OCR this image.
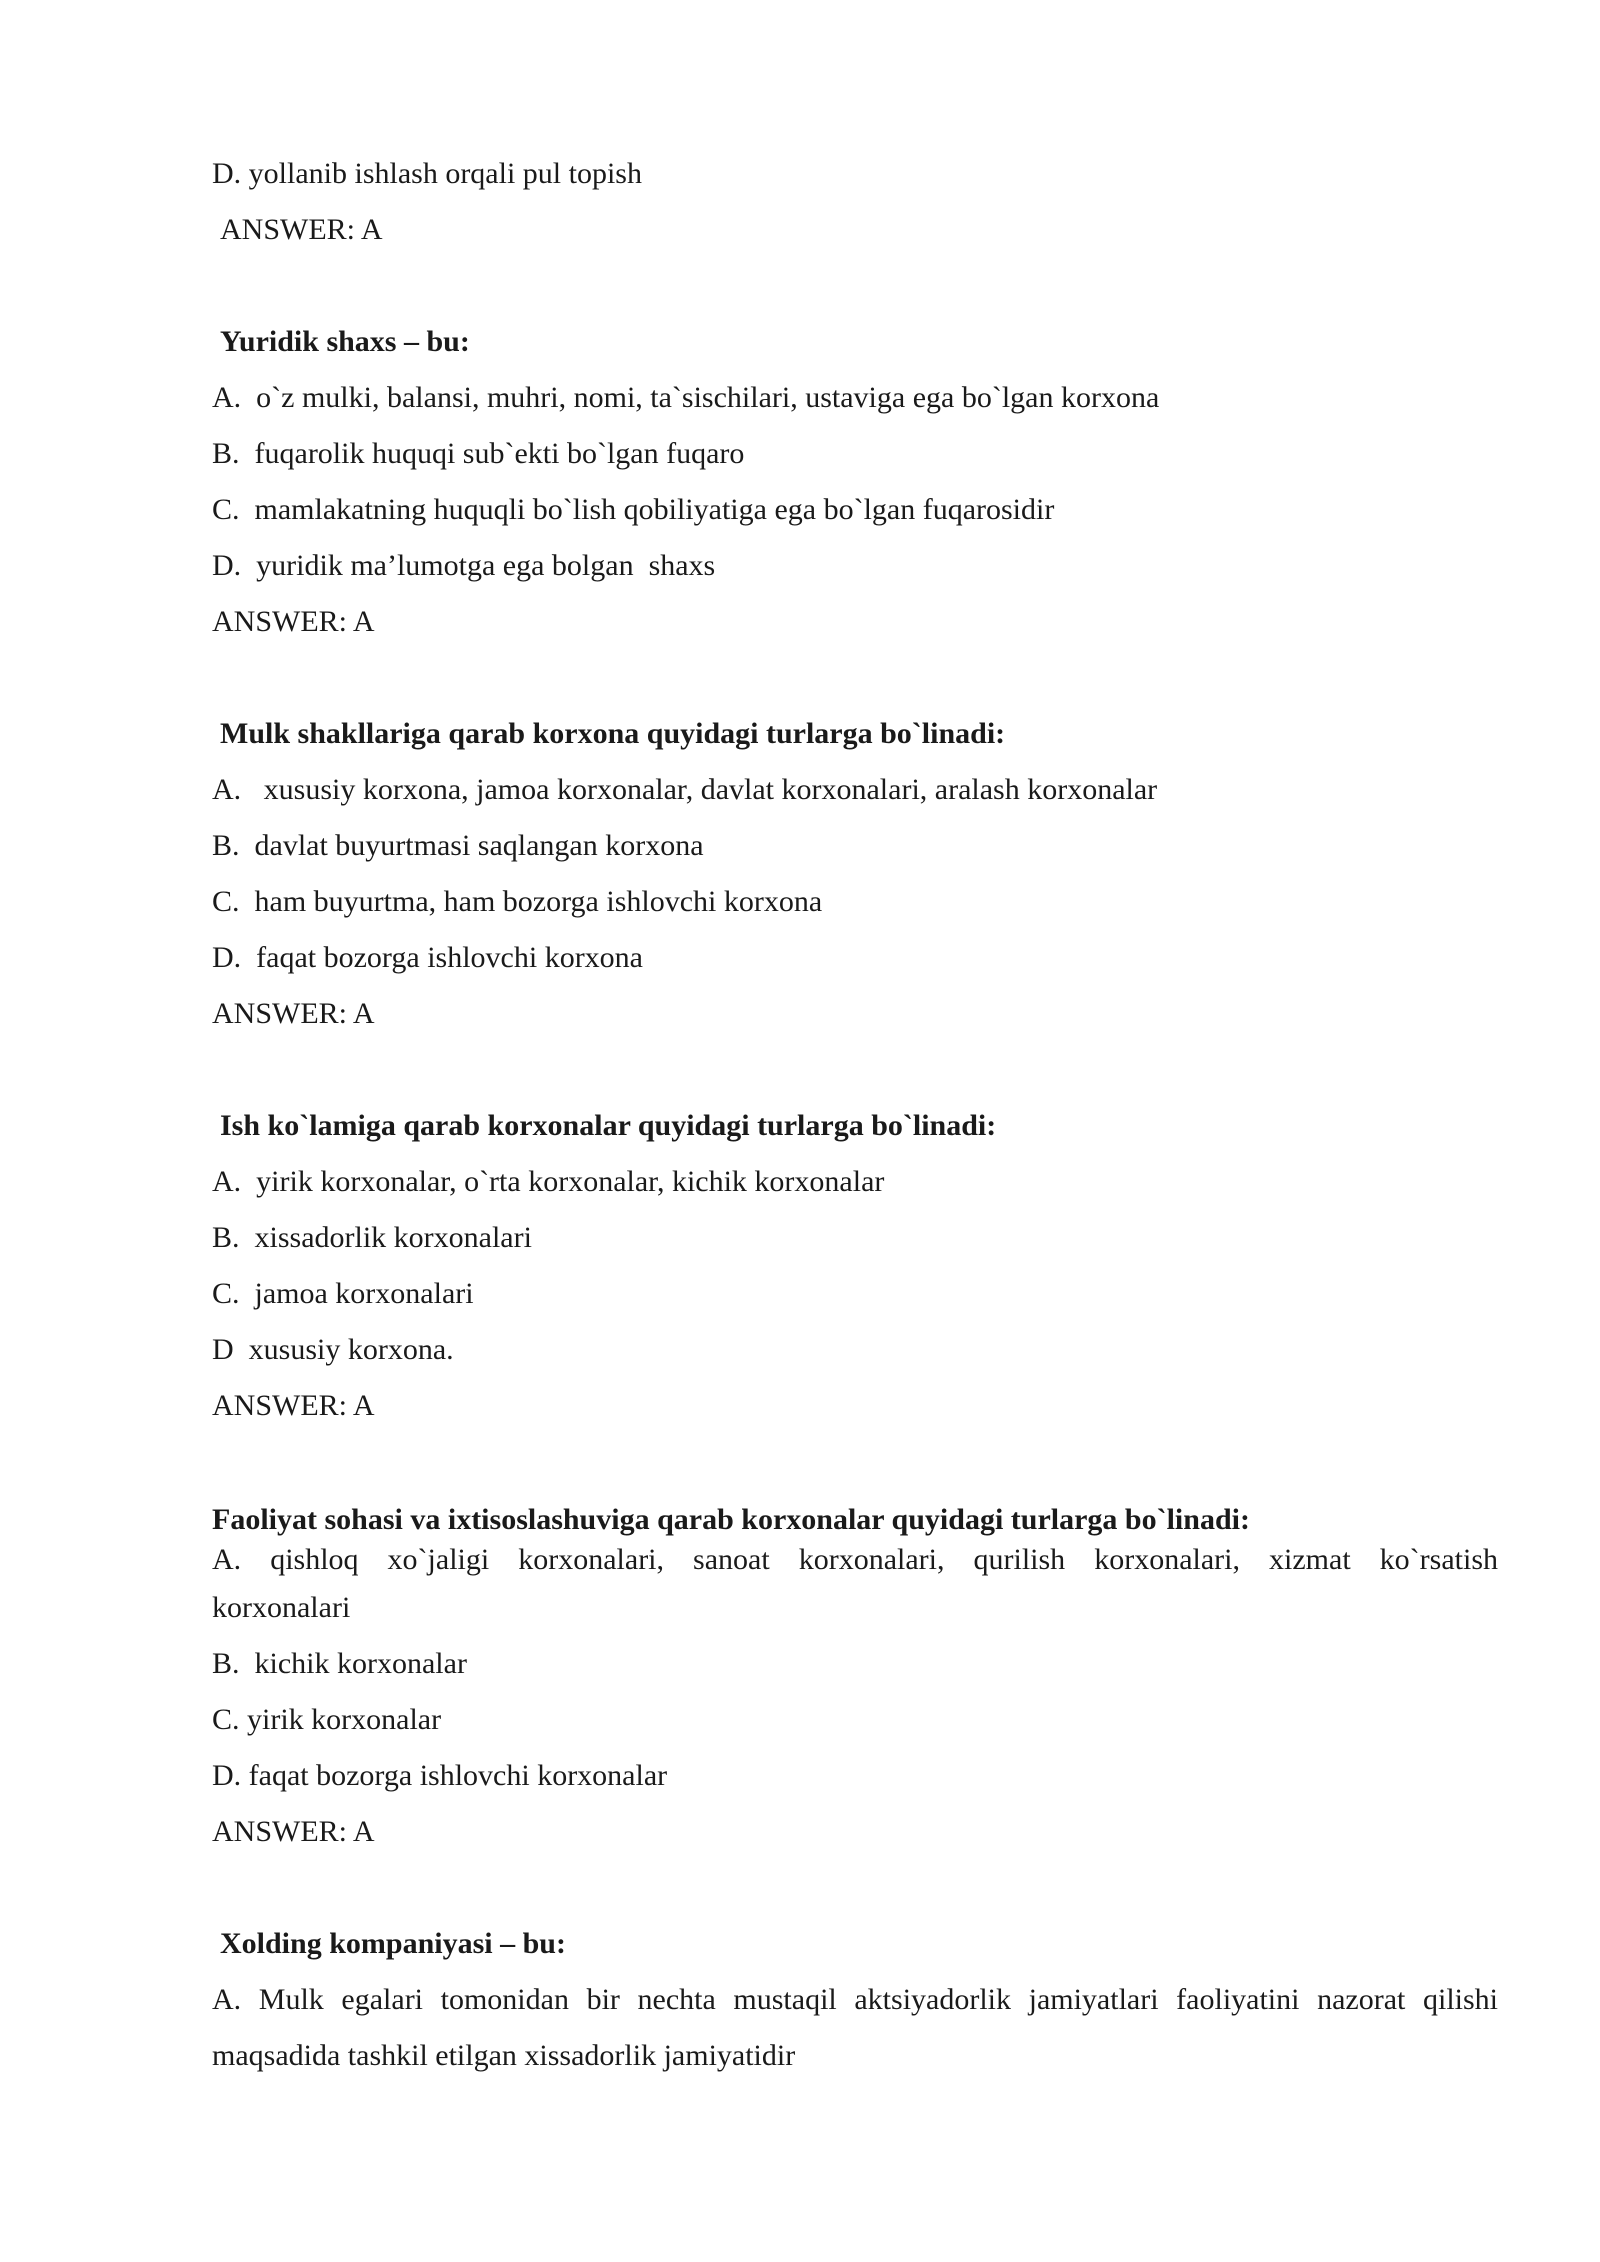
D. yollanib ishlash orqali pul topish

ANSWER: A

Yuridik shaxs – bu:

A.  o`z mulki, balansi, muhri, nomi, ta`sischilari, ustaviga ega bo`lgan korxona

B.  fuqarolik huquqi sub`ekti bo`lgan fuqaro

C.  mamlakatning huquqli bo`lish qobiliyatiga ega bo`lgan fuqarosidir

D.  yuridik ma’lumotga ega bolgan  shaxs

ANSWER: A

Mulk shakllariga qarab korxona quyidagi turlarga bo`linadi:

A.   xususiy korxona, jamoa korxonalar, davlat korxonalari, aralash korxonalar

B.  davlat buyurtmasi saqlangan korxona

C.  ham buyurtma, ham bozorga ishlovchi korxona

D.  faqat bozorga ishlovchi korxona

ANSWER: A

Ish ko`lamiga qarab korxonalar quyidagi turlarga bo`linadi:

A.  yirik korxonalar, o`rta korxonalar, kichik korxonalar

B.  xissadorlik korxonalari

C.  jamoa korxonalari

D  xususiy korxona.

ANSWER: A

Faoliyat sohasi va ixtisoslashuviga qarab korxonalar quyidagi turlarga bo`linadi:

A.  qishloq  xo`jaligi  korxonalari,  sanoat  korxonalari,  qurilish  korxonalari,  xizmat  ko`rsatish

korxonalari

B.  kichik korxonalar

C. yirik korxonalar

D. faqat bozorga ishlovchi korxonalar

ANSWER: A

Xolding kompaniyasi – bu:

A. Mulk egalari tomonidan bir nechta mustaqil aktsiyadorlik jamiyatlari faoliyatini nazorat qilishi

maqsadida tashkil etilgan xissadorlik jamiyatidir
